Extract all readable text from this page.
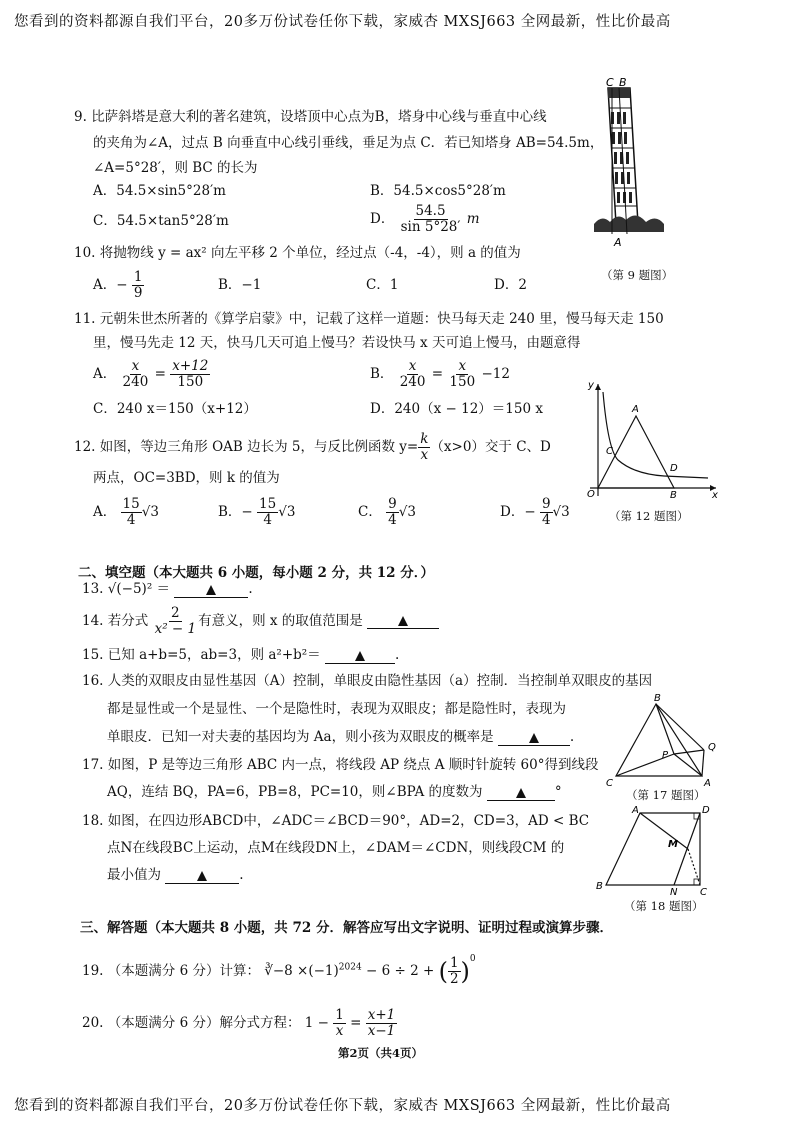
您看到的资料都源自我们平台，20多万份试卷任你下载，家威杏 MXSJ663 全网最新，性比价最高
9. 比萨斜塔是意大利的著名建筑，设塔顶中心点为B，塔身中心线与垂直中心线
的夹角为∠A，过点 B 向垂直中心线引垂线，垂足为点 C．若已知塔身 AB=54.5m，
∠A=5°28′，则 BC 的长为
A．54.5×sin5°28′m	B．54.5×cos5°28′m
C．54.5×tan5°28′m	D． $\frac{54.5}{\sin 5^\circ 28'}$ m
C B
A
（第 9 题图）
10. 将抛物线 y = ax² 向左平移 2 个单位，经过点（-4，-4），则 a 的值为
A．− $\frac{1}{9}$	B．−1	C．1	D．2
11. 元朝朱世杰所著的《算学启蒙》中，记载了这样一道题：快马每天走 240 里，慢马每天走 150
里，慢马先走 12 天，快马几天可追上慢马？若设快马 x 天可追上慢马，由题意得
A． $\frac{x}{240} = \frac{x+12}{150}$	B． $\frac{x}{240} = \frac{x}{150} -12$
C．240 x＝150（x+12）	D．240（x − 12）＝150 x
y
x
O
A
B
C
D
12. 如图，等边三角形 OAB 边长为 5，与反比例函数 $y= \frac{k}{x} (x>0)$交于 C、D
两点，OC=3BD，则 k 的值为
A． $\frac{15}{4} √3$	B．− $\frac{15}{4} √3$	C． $\frac{9}{4} √3$	D．− $\frac{9}{4} √3$	（第 12 题图）
二、填空题（本大题共 6 小题，每小题 2 分，共 12 分．）
13. √(−5)² ＝	.
14. 若分式 $\frac{2}{\text{x² − 1}}$ 有意义，则 x 的取值范围是
15. 已知 a+b=5，ab=3，则 a²+b²＝	.
16. 人类的双眼皮由显性基因（A）控制，单眼皮由隐性基因（a）控制．当控制单双眼皮的基因
都是显性或一个是显性、一个是隐性时，表现为双眼皮；都是隐性时，表现为
单眼皮．已知一对夫妻的基因均为 Aa，则小孩为双眼皮的概率是	.
B
P
Q
C	A
（第 17 题图）
17. 如图，P 是等边三角形 ABC 内一点，将线段 AP 绕点 A 顺时针旋转 60°得到线段
AQ，连结 BQ，PA=6，PB=8，PC=10，则∠BPA 的度数为	°
A	D
M
B
N C
（第 18 题图）
18. 如图，在四边形ABCD中，∠ADC＝∠BCD＝90°，AD=2，CD=3，AD < BC
点N在线段BC上运动，点M在线段DN上，∠DAM＝∠CDN，则线段CM 的
最小值为	.
三、解答题（本大题共 8 小题，共 72 分．解答应写出文字说明、证明过程或演算步骤．
19. （本题满分 6 分）计算： ∛−8 $\times(-1)^{2024} - 6 \div 2$ + ( $\frac{1}{2} )^0$
20. （本题满分 6 分）解分式方程： $1 - \frac{1}{x} = \frac{x+1}{x-1}$
第2页（共4页）
您看到的资料都源自我们平台，20多万份试卷任你下载，家威杏 MXSJ663 全网最新，性比价最高
